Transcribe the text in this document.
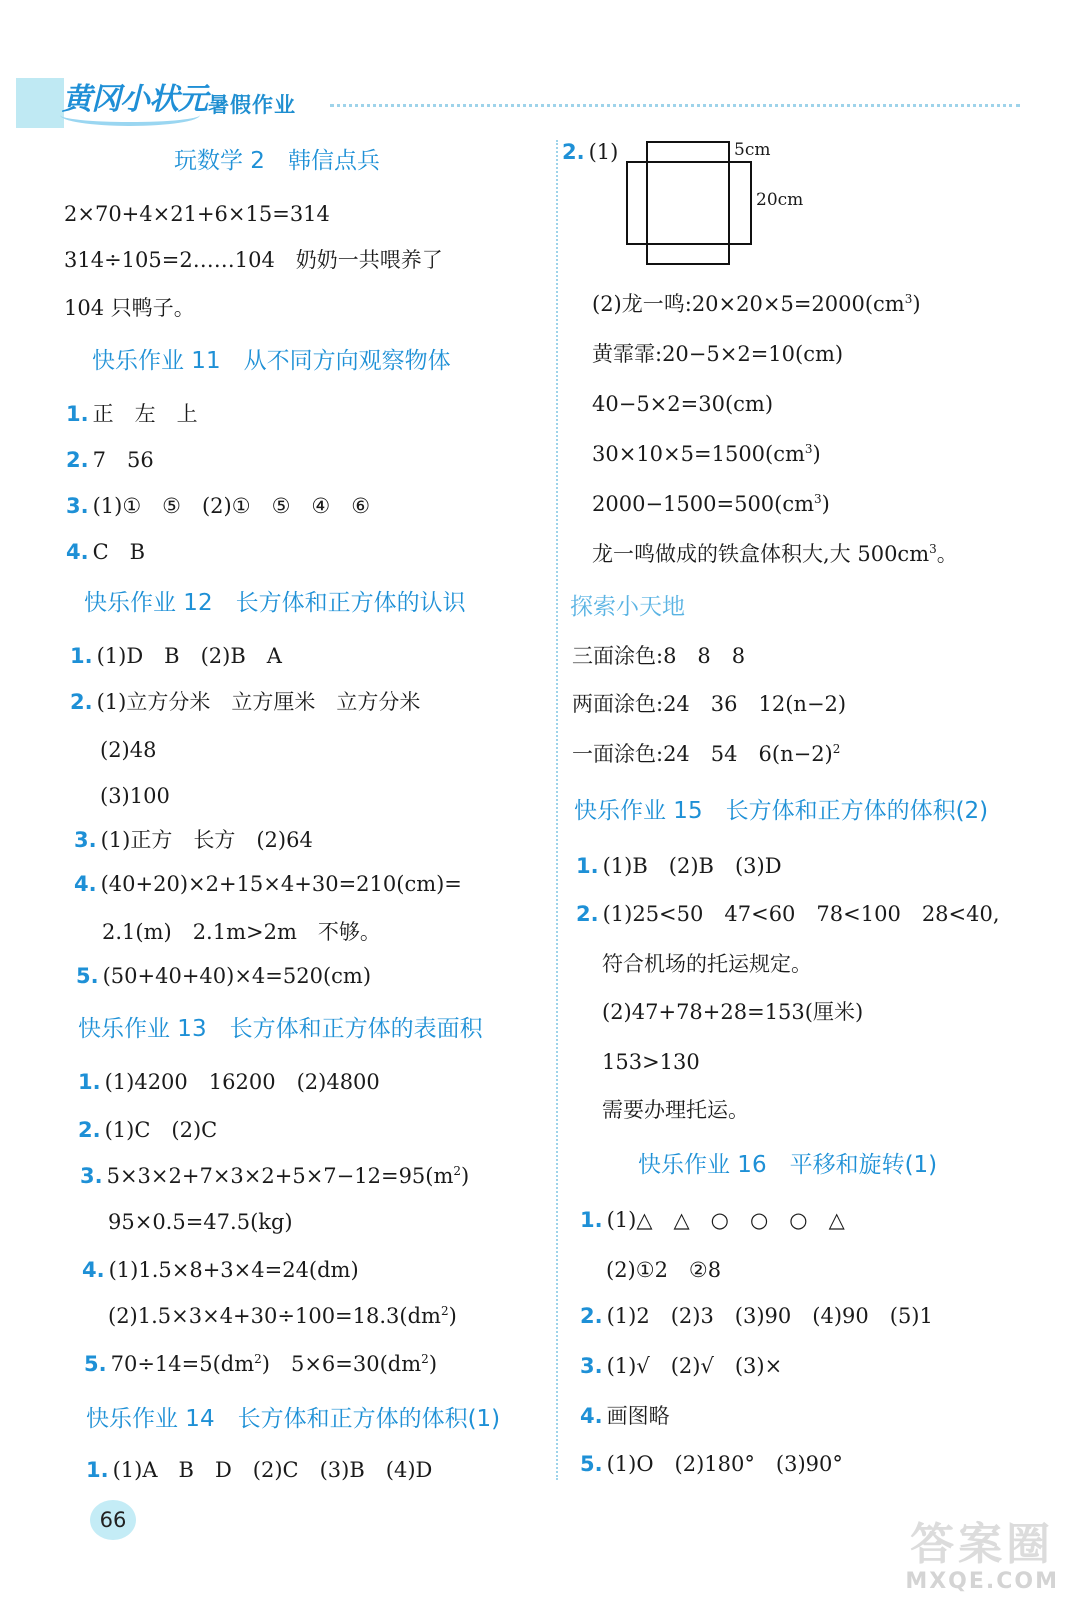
黄冈小状元 暑假作业
玩数学 2　韩信点兵
2×70+4×21+6×15=314
314÷105=2……104　奶奶一共喂养了
104 只鸭子。
快乐作业 11　从不同方向观察物体
1. 正　左　上
2. 7　56
3. (1)①　⑤　(2)①　⑤　④　⑥
4. C　B
快乐作业 12　长方体和正方体的认识
1. (1)D　B　(2)B　A
2. (1)立方分米　立方厘米　立方分米
(2)48
(3)100
3. (1)正方　长方　(2)64
4. (40+20)×2+15×4+30=210(cm)=
2.1(m)　2.1m>2m　不够。
5. (50+40+40)×4=520(cm)
快乐作业 13　长方体和正方体的表面积
1. (1)4200　16200　(2)4800
2. (1)C　(2)C
3. $5\times 3\times 2+7\times 3\times 2+5\times 7-12=95(m^2)$
95×0.5=47.5(kg)
4. (1)1.5×8+3×4=24(dm)
$(2)1.5\times 3\times 4+30\div 100=18.3(dm^2)$
5. $70\div 14=5(dm^2)$　$5\times 6=30(dm^2)$
快乐作业 14　长方体和正方体的体积(1)
1. (1)A　B　D　(2)C　(3)B　(4)D
2. (1)	5cm
20cm
(2)龙一鸣$:20\times 20\times 5=2000(cm^3)$
黄霏霏:20−5×2=10(cm)
40−5×2=30(cm)
$30\times 10\times 5=1500(cm^3)$
$2000-1500=500(cm^3)$
龙一鸣做成的铁盒体积大,大 $500cm^3$。
探索小天地
三面涂色:8　8　8
两面涂色:24　36　12(n−2)
一面涂色:24　54　$6(n-2)^2$
快乐作业 15　长方体和正方体的体积(2)
1. (1)B　(2)B　(3)D
2. (1)25<50　47<60　78<100　28<40,
符合机场的托运规定。
(2)47+78+28=153(厘米)
153>130
需要办理托运。
快乐作业 16　平移和旋转(1)
1. (1)△　△　○　○　○　△
(2)①2　②8
2. (1)2　(2)3　(3)90　(4)90　(5)1
3. (1)√　(2)√　(3)×
4. 画图略
5. (1)O　(2)180°　(3)90°
66	答案圈
MXQE.COM
